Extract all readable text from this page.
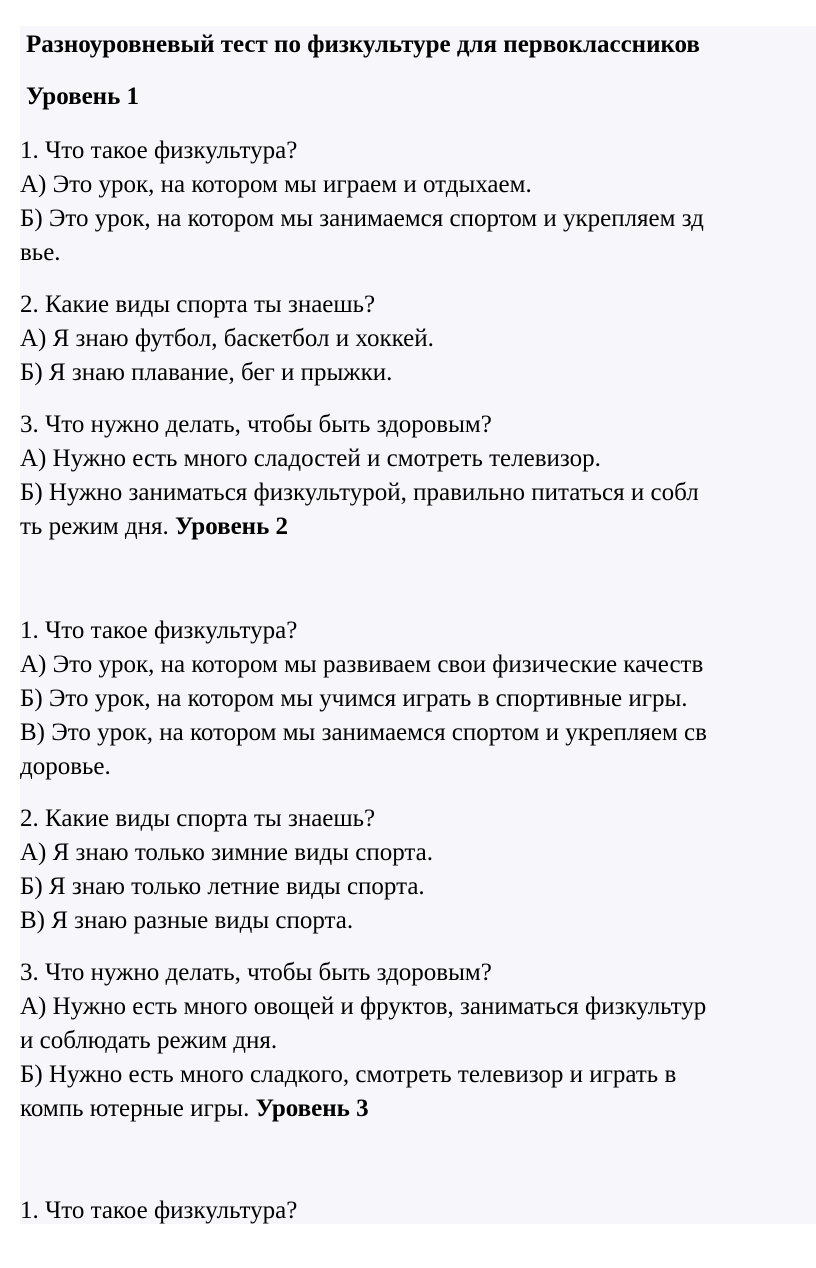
Разноуровневый тест по физкультуре для первоклассников
Уровень 1
1. Что такое физкультура?
А) Это урок, на котором мы играем и отдыхаем.
Б) Это урок, на котором мы занимаемся спортом и укрепляем зд
вье.
2. Какие виды спорта ты знаешь?
А) Я знаю футбол, баскетбол и хоккей.
Б) Я знаю плавание, бег и прыжки.
3. Что нужно делать, чтобы быть здоровым?
А) Нужно есть много сладостей и смотреть телевизор.
Б) Нужно заниматься физкультурой, правильно питаться и собл
ть режим дня. Уровень 2
1. Что такое физкультура?
А) Это урок, на котором мы развиваем свои физические качеств
Б) Это урок, на котором мы учимся играть в спортивные игры.
В) Это урок, на котором мы занимаемся спортом и укрепляем св
доровье.
2. Какие виды спорта ты знаешь?
А) Я знаю только зимние виды спорта.
Б) Я знаю только летние виды спорта.
В) Я знаю разные виды спорта.
3. Что нужно делать, чтобы быть здоровым?
А) Нужно есть много овощей и фруктов, заниматься физкультур
и соблюдать режим дня.
Б) Нужно есть много сладкого, смотреть телевизор и играть в
компь ютерные игры. Уровень 3
1. Что такое физкультура?
